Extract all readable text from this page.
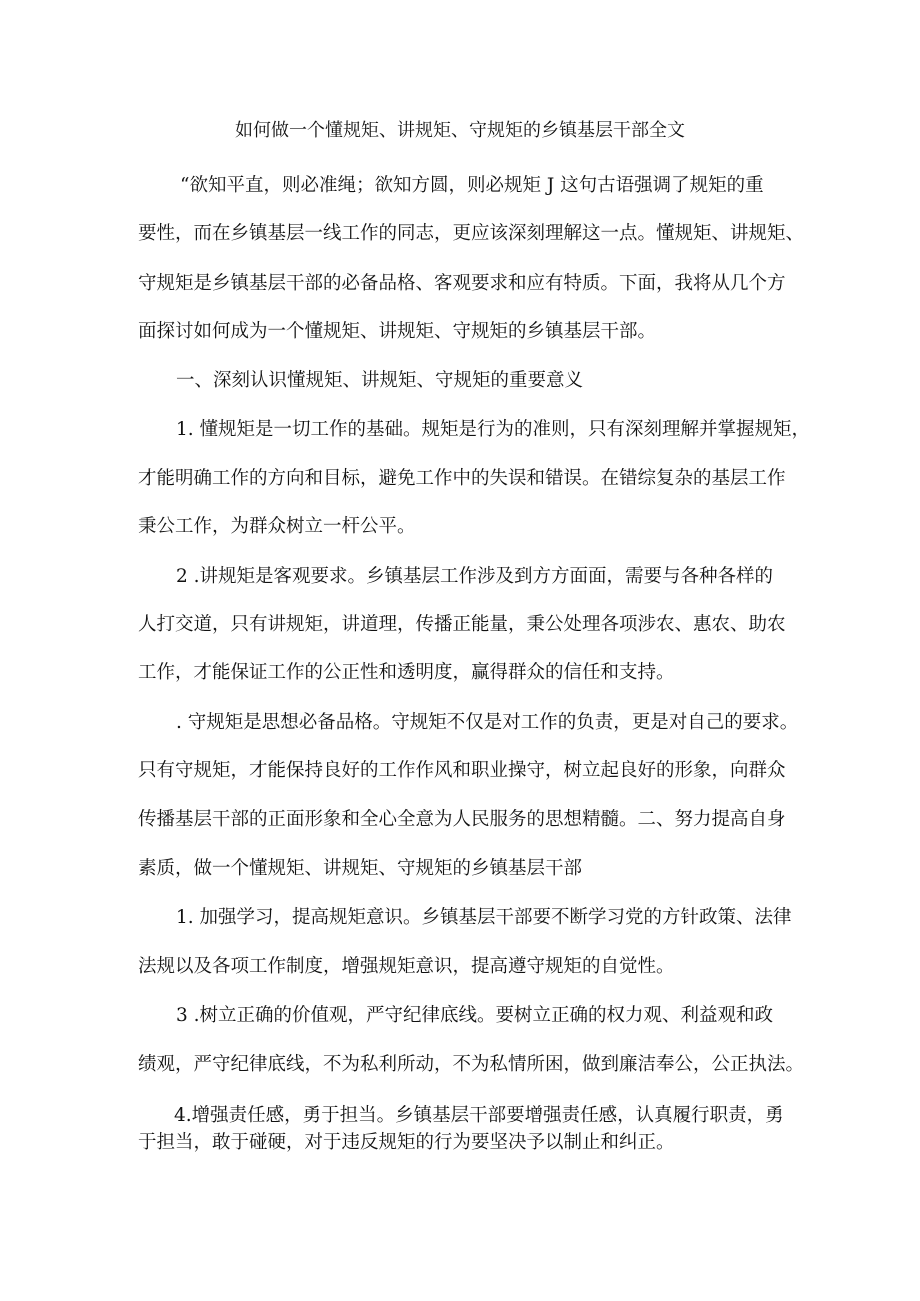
如何做一个懂规矩、讲规矩、守规矩的乡镇基层干部全文
“欲知平直，则必准绳；欲知方圆，则必规矩 J 这句古语强调了规矩的重
要性，而在乡镇基层一线工作的同志，更应该深刻理解这一点。懂规矩、讲规矩、
守规矩是乡镇基层干部的必备品格、客观要求和应有特质。下面，我将从几个方
面探讨如何成为一个懂规矩、讲规矩、守规矩的乡镇基层干部。
一、深刻认识懂规矩、讲规矩、守规矩的重要意义
1. 懂规矩是一切工作的基础。规矩是行为的准则，只有深刻理解并掌握规矩，
才能明确工作的方向和目标，避免工作中的失误和错误。在错综复杂的基层工作
秉公工作，为群众树立一杆公平。
2 .讲规矩是客观要求。乡镇基层工作涉及到方方面面，需要与各种各样的
人打交道，只有讲规矩，讲道理，传播正能量，秉公处理各项涉农、惠农、助农
工作，才能保证工作的公正性和透明度，赢得群众的信任和支持。
. 守规矩是思想必备品格。守规矩不仅是对工作的负责，更是对自己的要求。
只有守规矩，才能保持良好的工作作风和职业操守，树立起良好的形象，向群众
传播基层干部的正面形象和全心全意为人民服务的思想精髓。二、努力提高自身
素质，做一个懂规矩、讲规矩、守规矩的乡镇基层干部
1. 加强学习，提高规矩意识。乡镇基层干部要不断学习党的方针政策、法律
法规以及各项工作制度，增强规矩意识，提高遵守规矩的自觉性。
3 .树立正确的价值观，严守纪律底线。要树立正确的权力观、利益观和政
绩观，严守纪律底线，不为私利所动，不为私情所困，做到廉洁奉公，公正执法。
4.增强责任感，勇于担当。乡镇基层干部要增强责任感，认真履行职责，勇
于担当，敢于碰硬，对于违反规矩的行为要坚决予以制止和纠正。
